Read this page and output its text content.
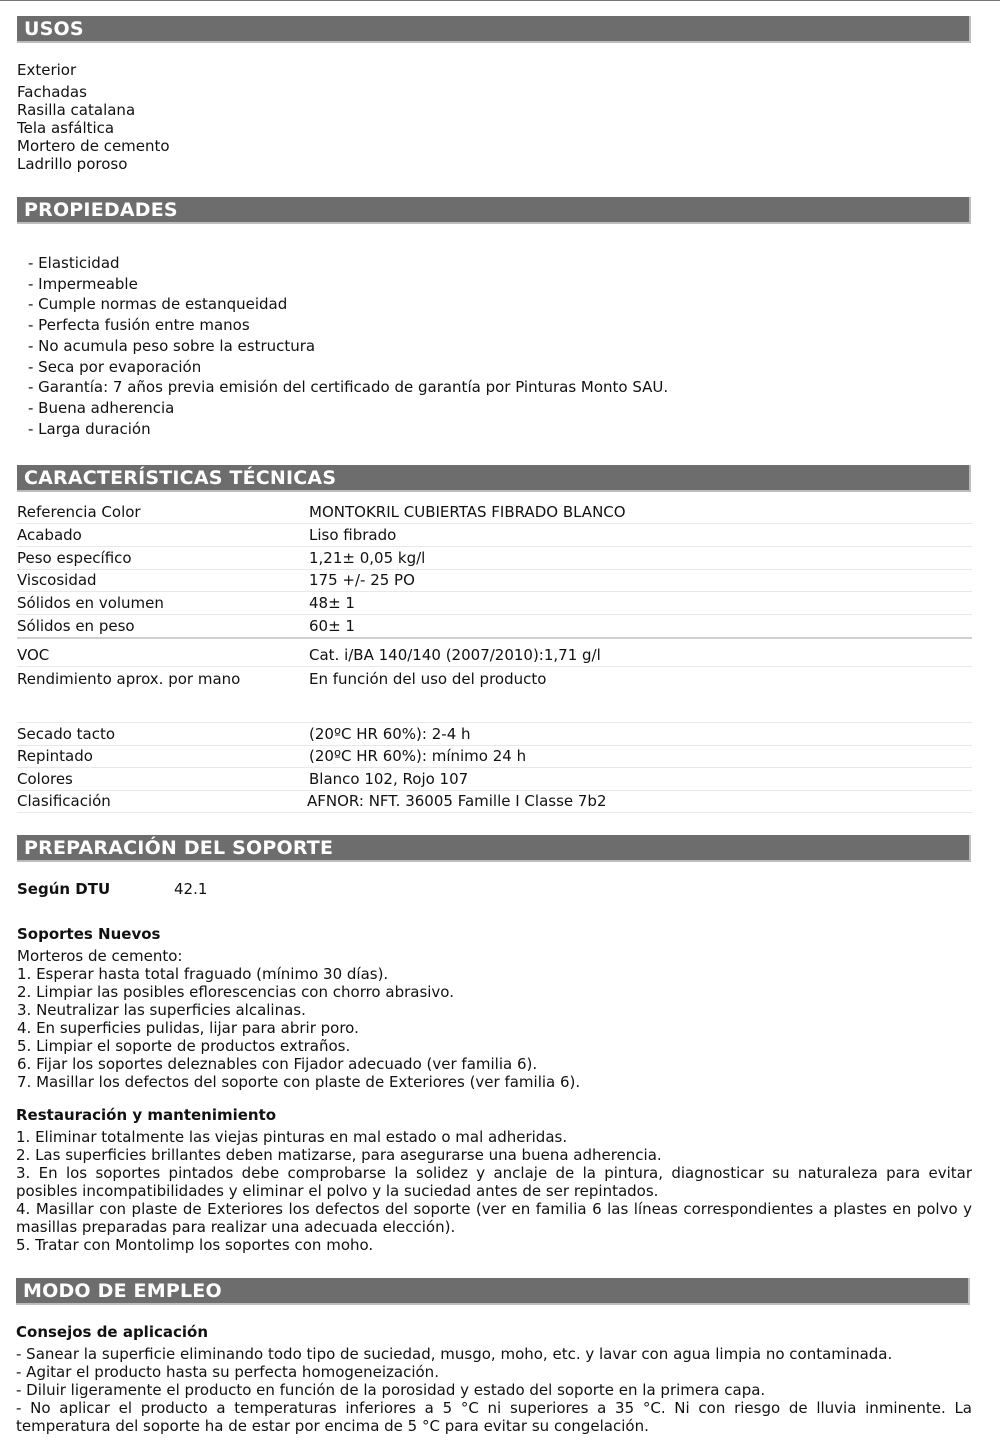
USOS
Exterior
Fachadas
Rasilla catalana
Tela asfáltica
Mortero de cemento
Ladrillo poroso
PROPIEDADES
- Elasticidad
- Impermeable
- Cumple normas de estanqueidad
- Perfecta fusión entre manos
- No acumula peso sobre la estructura
- Seca por evaporación
- Garantía: 7 años previa emisión del certificado de garantía por Pinturas Monto SAU.
- Buena adherencia
- Larga duración
CARACTERÍSTICAS TÉCNICAS
Referencia Color	MONTOKRIL CUBIERTAS FIBRADO BLANCO
Acabado	Liso fibrado
Peso específico	1,21± 0,05 kg/l
Viscosidad	175 +/- 25 PO
Sólidos en volumen	48± 1
Sólidos en peso	60± 1
VOC	Cat. i/BA 140/140 (2007/2010):1,71 g/l
Rendimiento aprox. por mano	En función del uso del producto
Secado tacto	(20ºC HR 60%): 2-4 h
Repintado	(20ºC HR 60%): mínimo 24 h
Colores	Blanco 102, Rojo 107
Clasificación	AFNOR: NFT. 36005 Famille I Classe 7b2
PREPARACIÓN DEL SOPORTE
Según DTU	42.1
Soportes Nuevos
Morteros de cemento:
1. Esperar hasta total fraguado (mínimo 30 días).
2. Limpiar las posibles eflorescencias con chorro abrasivo.
3. Neutralizar las superficies alcalinas.
4. En superficies pulidas, lijar para abrir poro.
5. Limpiar el soporte de productos extraños.
6. Fijar los soportes deleznables con Fijador adecuado (ver familia 6).
7. Masillar los defectos del soporte con plaste de Exteriores (ver familia 6).
Restauración y mantenimiento

1. Eliminar totalmente las viejas pinturas en mal estado o mal adheridas.

2. Las superficies brillantes deben matizarse, para asegurarse una buena adherencia.

3. En los soportes pintados debe comprobarse la solidez y anclaje de la pintura, diagnosticar su naturaleza para evitar posibles incompatibilidades y eliminar el polvo y la suciedad antes de ser repintados.

4. Masillar con plaste de Exteriores los defectos del soporte (ver en familia 6 las líneas correspondientes a plastes en polvo y masillas preparadas para realizar una adecuada elección).

5. Tratar con Montolimp los soportes con moho.

MODO DE EMPLEO
Consejos de aplicación

- Sanear la superficie eliminando todo tipo de suciedad, musgo, moho, etc. y lavar con agua limpia no contaminada.

- Agitar el producto hasta su perfecta homogeneización.

- Diluir ligeramente el producto en función de la porosidad y estado del soporte en la primera capa.

- No aplicar el producto a temperaturas inferiores a 5 °C ni superiores a 35 °C. Ni con riesgo de lluvia inminente. La temperatura del soporte ha de estar por encima de 5 °C para evitar su congelación.
